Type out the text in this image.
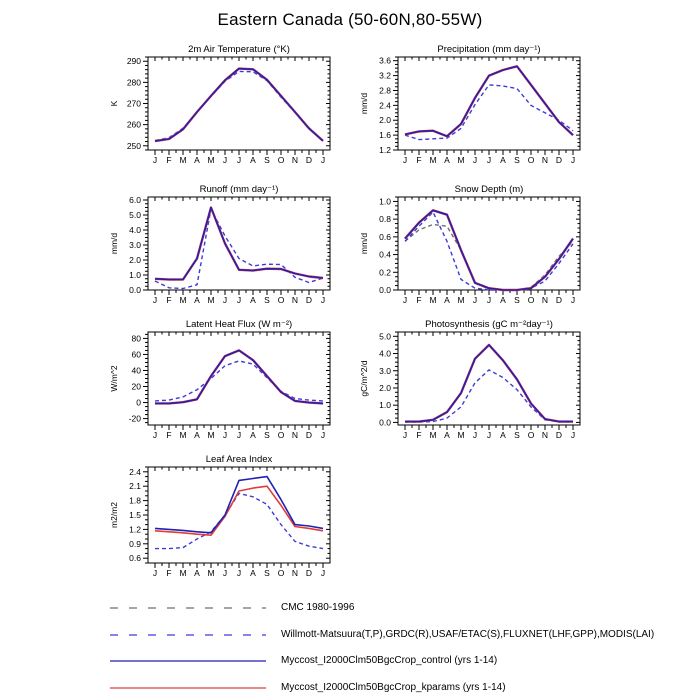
Eastern Canada (50-60N,80-55W)
250
260
270
280
290
J F M A M J J A S O N D J
2m Air Temperature (°K)
K
1.2
1.6
2.0
2.4
2.8
3.2
3.6
J F M A M J J A S O N D J
Precipitation (mm day⁻¹)
mm/d
0.0
1.0
2.0
3.0
4.0
5.0
6.0
J F M A M J J A S O N D J
Runoff (mm day⁻¹)
mm/d
0.0
0.2
0.4
0.6
0.8
1.0
J F M A M J J A S O N D J
Snow Depth (m)
mm/d
-20
0
20
40
60
80
J F M A M J J A S O N D J
Latent Heat Flux (W m⁻²)
W/m^2
0.0
1.0
2.0
3.0
4.0
5.0
J F M A M J J A S O N D J
Photosynthesis (gC m⁻²day⁻¹)
gC/m^2/d
0.6
0.9
1.2
1.5
1.8
2.1
2.4
J F M A M J J A S O N D J
Leaf Area Index
m2/m2
CMC 1980-1996
Willmott-Matsuura(T,P),GRDC(R),USAF/ETAC(S),FLUXNET(LHF,GPP),MODIS(LAI)
Myccost_I2000Clm50BgcCrop_control (yrs 1-14)
Myccost_I2000Clm50BgcCrop_kparams (yrs 1-14)
